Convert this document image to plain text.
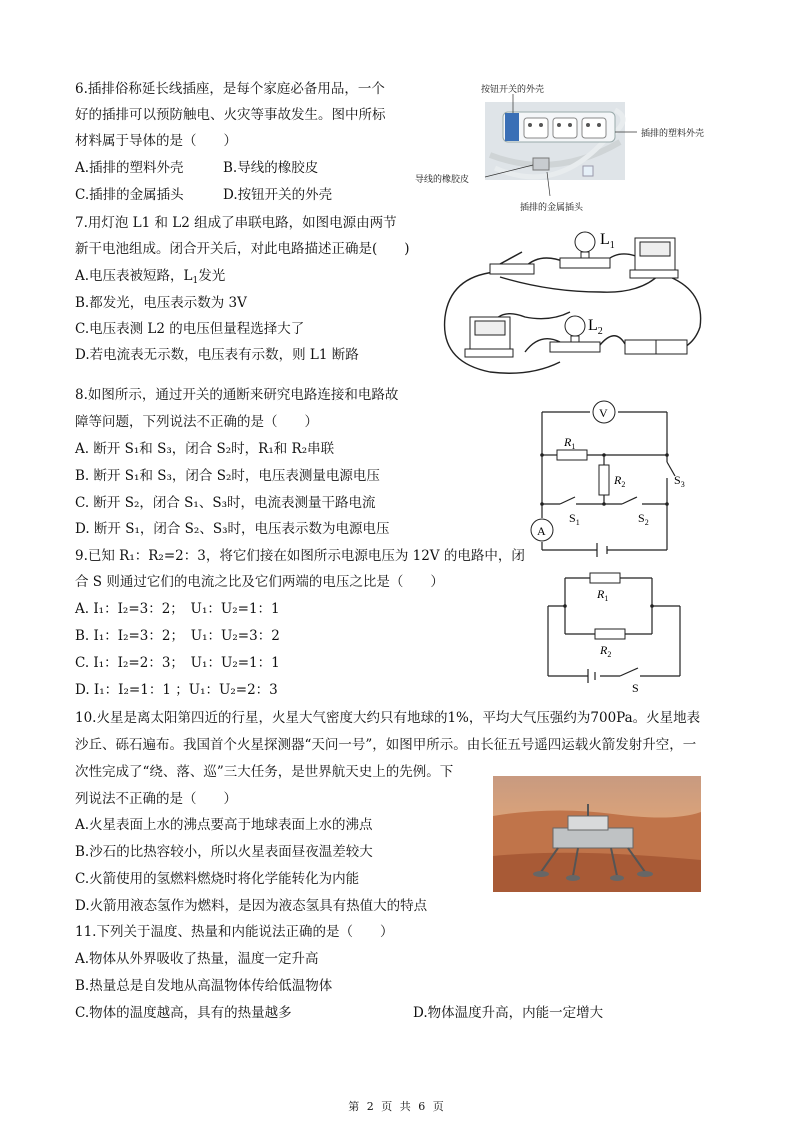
6.插排俗称延长线插座，是每个家庭必备用品，一个
好的插排可以预防触电、火灾等事故发生。图中所标
材料属于导体的是（　　）
A.插排的塑料外壳	B.导线的橡胶皮
C.插排的金属插头	D.按钮开关的外壳
按钮开关的外壳
插排的塑料外壳
导线的橡胶皮
插排的金属插头
7.用灯泡 L1 和 L2 组成了串联电路，如图电源由两节
新干电池组成。闭合开关后，对此电路描述正确是(　　)
A.电压表被短路，$L_1$发光
B.都发光，电压表示数为 3V
C.电压表测 L2 的电压但量程选择大了
D.若电流表无示数，电压表有示数，则 L1 断路
$L_1$
$L_2$
8.如图所示，通过开关的通断来研究电路连接和电路故
障等问题，下列说法不正确的是（　　）
A. 断开 S₁和 S₃，闭合 S₂时，R₁和 R₂串联
B. 断开 S₁和 S₃，闭合 S₂时，电压表测量电源电压
C. 断开 S₂，闭合 S₁、S₃时，电流表测量干路电流
D. 断开 S₁，闭合 S₂、S₃时，电压表示数为电源电压
V
A
$R_1$
$R_2$	$S_3$
$S_1$	$S_2$
9.已知 R₁：R₂=2：3，将它们接在如图所示电源电压为 12V 的电路中，闭
合 S 则通过它们的电流之比及它们两端的电压之比是（　　）
A. I₁：I₂=3：2；　U₁：U₂=1：1
B. I₁：I₂=3：2；　U₁：U₂=3：2
C. I₁：I₂=2：3；　U₁：U₂=1：1
D. I₁：I₂=1：1 ；U₁：U₂=2：3
$R_1$
$R_2$
S
10.火星是离太阳第四近的行星，火星大气密度大约只有地球的1%，平均大气压强约为700Pa。火星地表
沙丘、砾石遍布。我国首个火星探测器“天问一号”，如图甲所示。由长征五号遥四运载火箭发射升空，一
次性完成了“绕、落、巡”三大任务，是世界航天史上的先例。下
列说法不正确的是（　　）
A.火星表面上水的沸点要高于地球表面上水的沸点
B.沙石的比热容较小，所以火星表面昼夜温差较大
C.火箭使用的氢燃料燃烧时将化学能转化为内能
D.火箭用液态氢作为燃料，是因为液态氢具有热值大的特点
11.下列关于温度、热量和内能说法正确的是（　　）
A.物体从外界吸收了热量，温度一定升高
B.热量总是自发地从高温物体传给低温物体
C.物体的温度越高，具有的热量越多	D.物体温度升高，内能一定增大
第 2 页 共 6 页
